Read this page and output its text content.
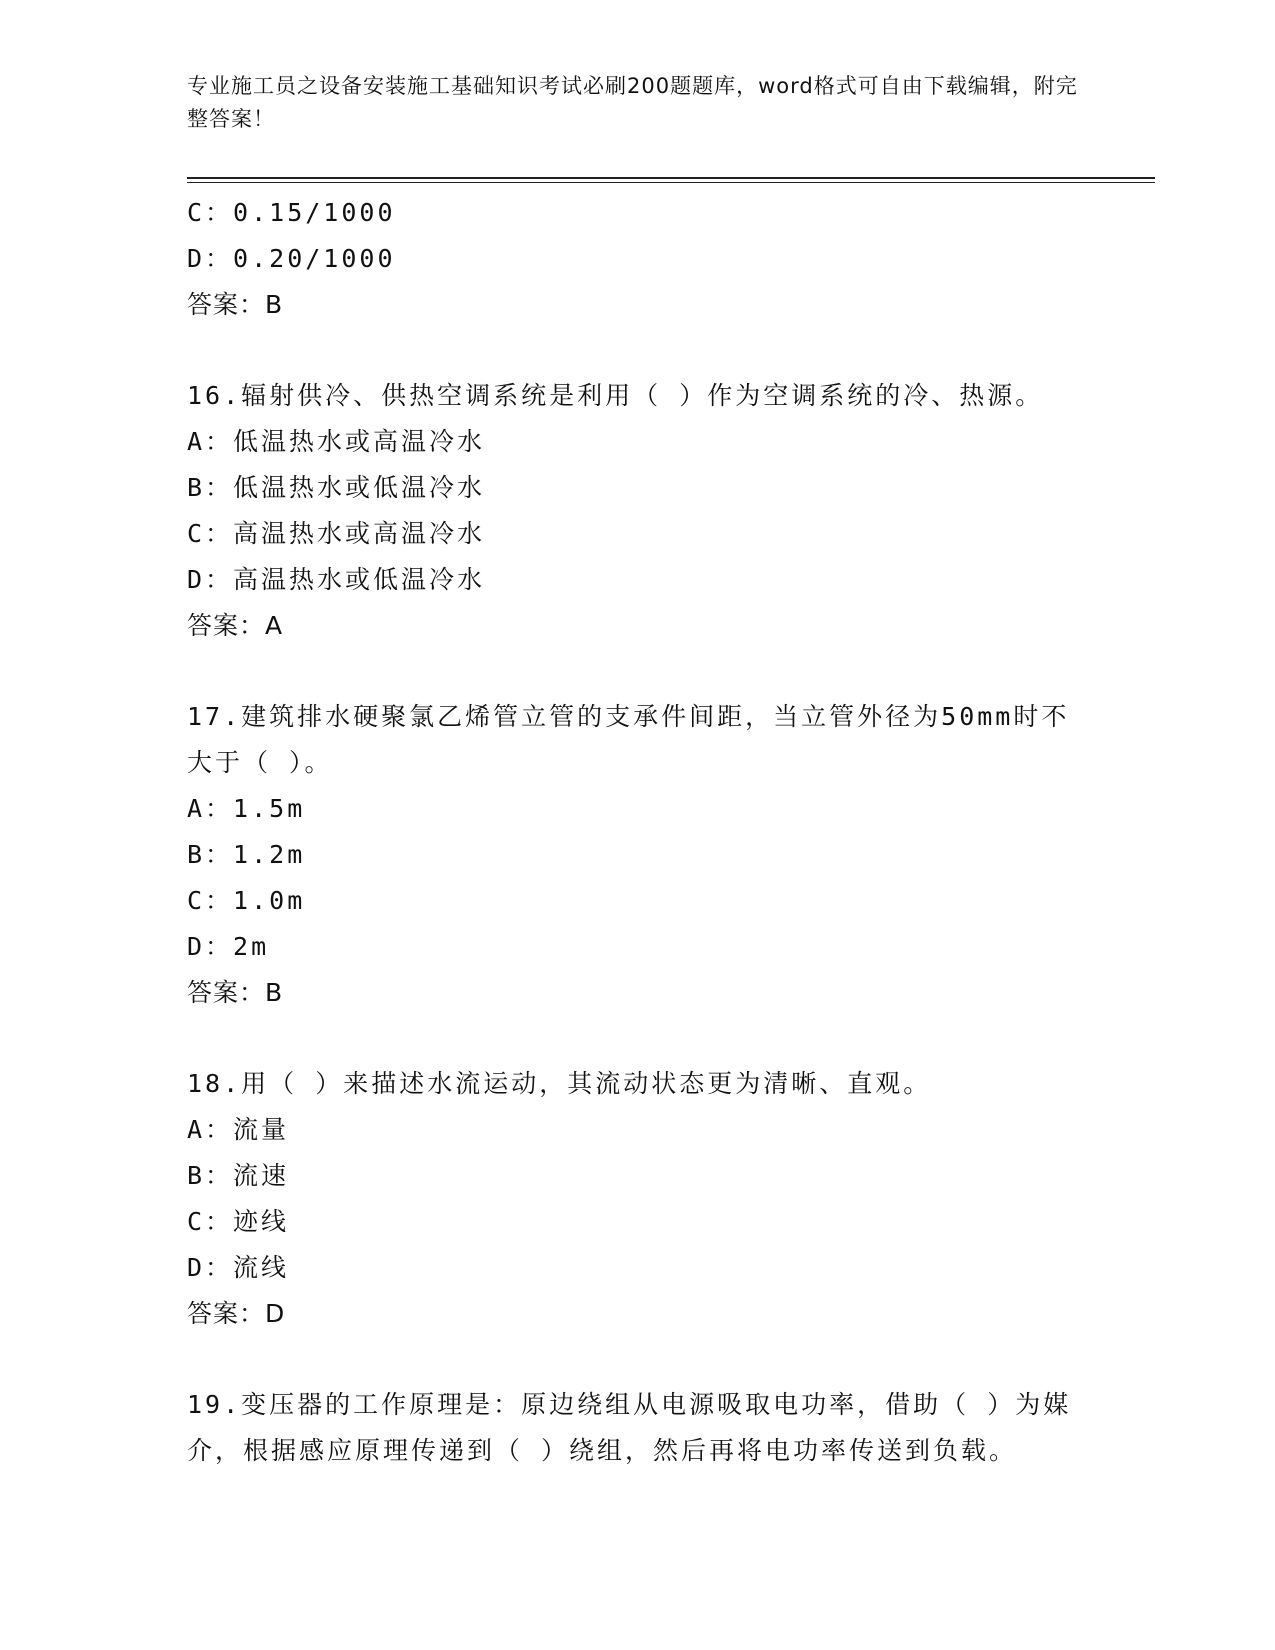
专业施工员之设备安装施工基础知识考试必刷200题题库，word格式可自由下载编辑，附完整答案！
C：0.15/1000
D：0.20/1000
答案：B
16.辐射供冷、供热空调系统是利用（ ）作为空调系统的冷、热源。
A：低温热水或高温冷水
B：低温热水或低温冷水
C：高温热水或高温冷水
D：高温热水或低温冷水
答案：A
17.建筑排水硬聚氯乙烯管立管的支承件间距，当立管外径为50mm时不大于（ ）。
A：1.5m
B：1.2m
C：1.0m
D：2m
答案：B
18.用（ ）来描述水流运动，其流动状态更为清晰、直观。
A：流量
B：流速
C：迹线
D：流线
答案：D
19.变压器的工作原理是：原边绕组从电源吸取电功率，借助（ ）为媒介，根据感应原理传递到（ ）绕组，然后再将电功率传送到负载。
